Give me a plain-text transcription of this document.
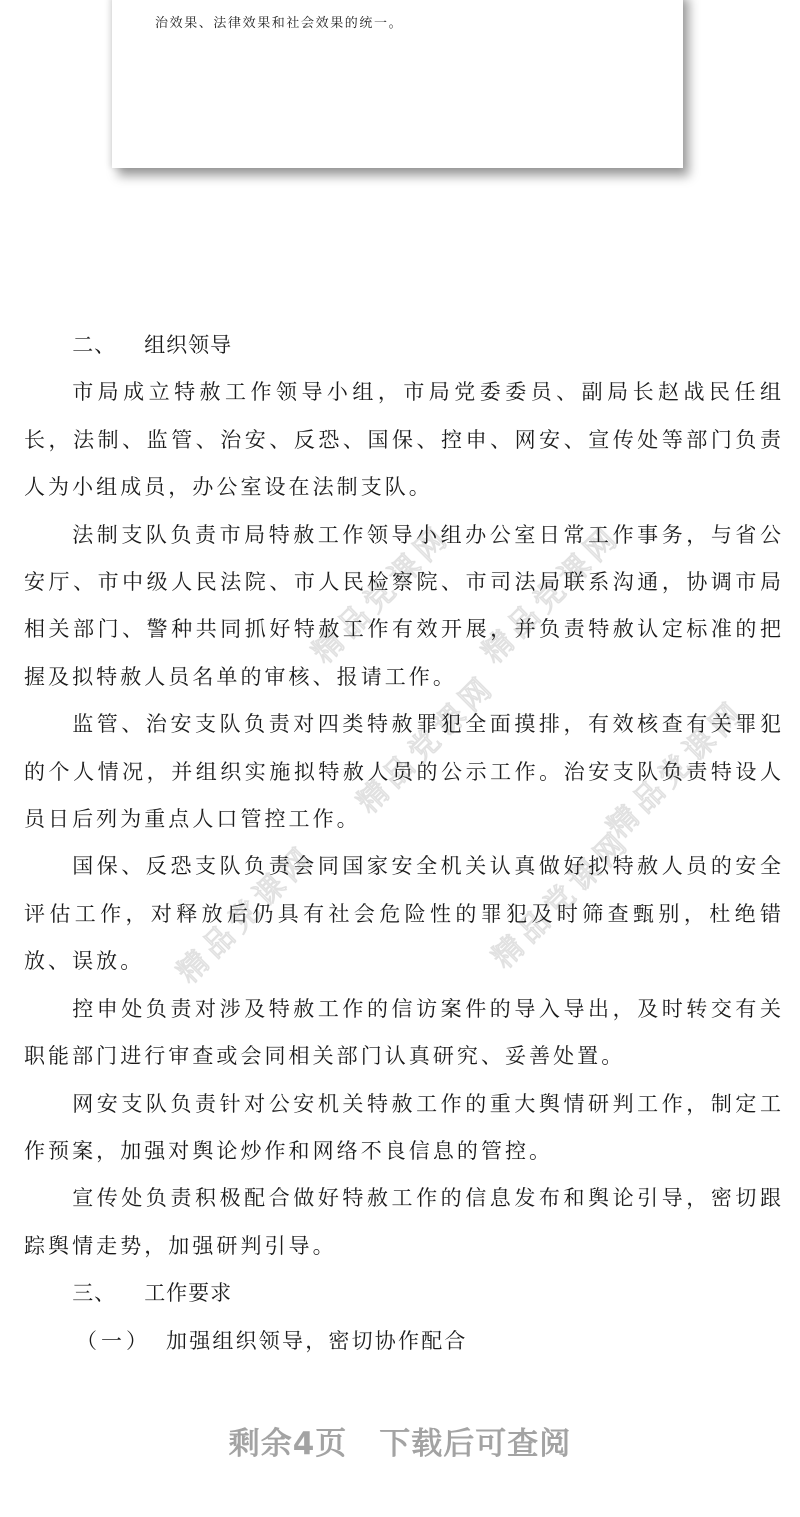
治效果、法律效果和社会效果的统一。
精品党课网
精品党课网
精品党课网
精品党课网
精品党课网
精品党课网

二、 组织领导

市局成立特赦工作领导小组，市局党委委员、副局长赵战民任组长，法制、监管、治安、反恐、国保、控申、网安、宣传处等部门负责人为小组成员，办公室设在法制支队。

法制支队负责市局特赦工作领导小组办公室日常工作事务，与省公安厅、市中级人民法院、市人民检察院、市司法局联系沟通，协调市局相关部门、警种共同抓好特赦工作有效开展，并负责特赦认定标准的把握及拟特赦人员名单的审核、报请工作。

监管、治安支队负责对四类特赦罪犯全面摸排，有效核查有关罪犯的个人情况，并组织实施拟特赦人员的公示工作。治安支队负责特设人员日后列为重点人口管控工作。

国保、反恐支队负责会同国家安全机关认真做好拟特赦人员的安全评估工作，对释放后仍具有社会危险性的罪犯及时筛查甄别，杜绝错放、误放。

控申处负责对涉及特赦工作的信访案件的导入导出，及时转交有关职能部门进行审查或会同相关部门认真研究、妥善处置。

网安支队负责针对公安机关特赦工作的重大舆情研判工作，制定工作预案，加强对舆论炒作和网络不良信息的管控。

宣传处负责积极配合做好特赦工作的信息发布和舆论引导，密切跟踪舆情走势，加强研判引导。

三、 工作要求

（一） 加强组织领导，密切协作配合

剩余4页 下载后可查阅
